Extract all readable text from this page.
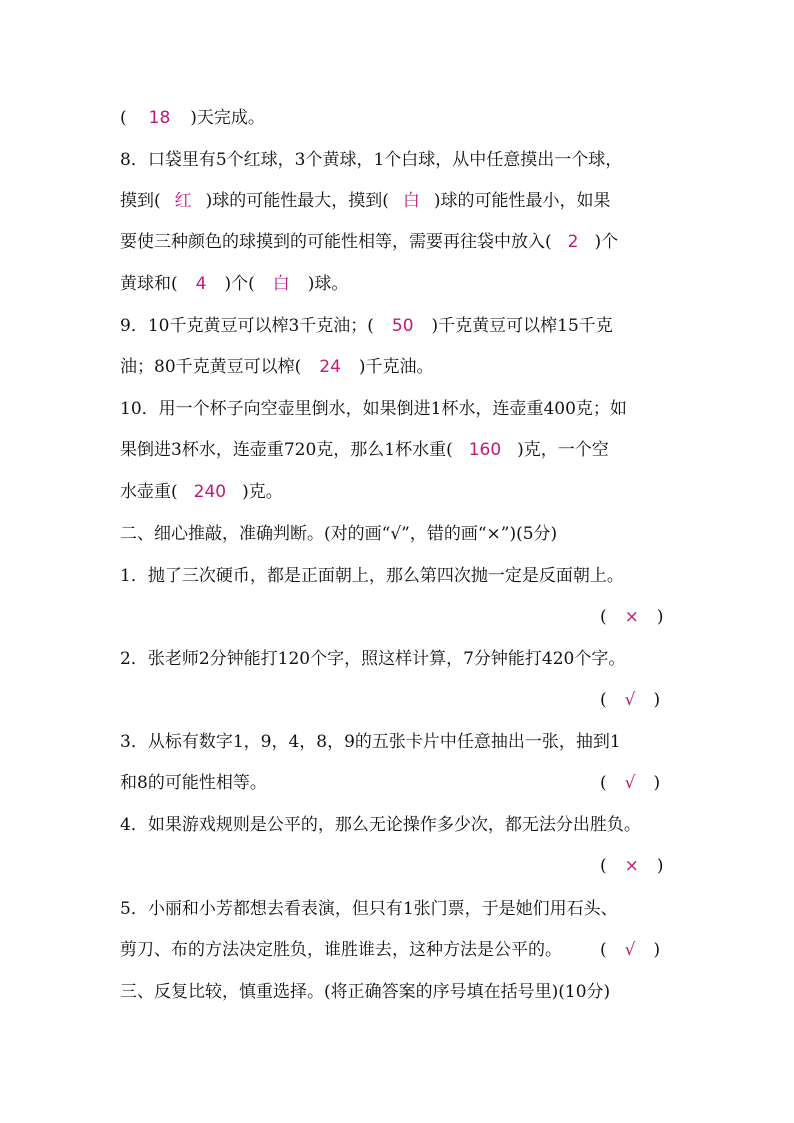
( 18 )天完成。
8．口袋里有5个红球，3个黄球，1个白球，从中任意摸出一个球，
摸到( 红 )球的可能性最大，摸到( 白 )球的可能性最小，如果
要使三种颜色的球摸到的可能性相等，需要再往袋中放入( 2 )个
黄球和( 4 )个( 白 )球。
9．10千克黄豆可以榨3千克油；( 50 )千克黄豆可以榨15千克
油；80千克黄豆可以榨( 24 )千克油。
10．用一个杯子向空壶里倒水，如果倒进1杯水，连壶重400克；如
果倒进3杯水，连壶重720克，那么1杯水重( 160 )克，一个空
水壶重( 240 )克。
二、细心推敲，准确判断。(对的画“√”，错的画“×”)(5分)
1．抛了三次硬币，都是正面朝上，那么第四次抛一定是反面朝上。
( × )
2．张老师2分钟能打120个字，照这样计算，7分钟能打420个字。
( √ )
3．从标有数字1，9，4，8，9的五张卡片中任意抽出一张，抽到1
和8的可能性相等。	( √ )
4．如果游戏规则是公平的，那么无论操作多少次，都无法分出胜负。
( × )
5．小丽和小芳都想去看表演，但只有1张门票，于是她们用石头、
剪刀、布的方法决定胜负，谁胜谁去，这种方法是公平的。	( √ )
三、反复比较，慎重选择。(将正确答案的序号填在括号里)(10分)
